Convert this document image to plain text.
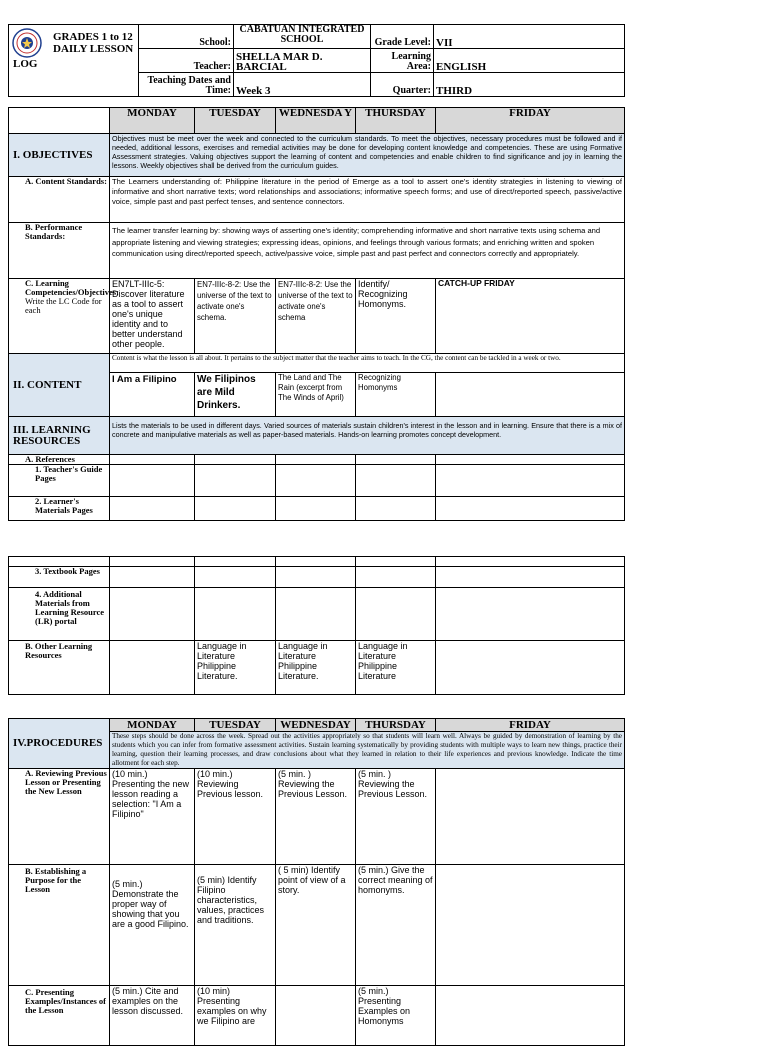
GRADES 1 to 12
DAILY LESSON
LOG	School:	CABATUAN INTEGRATED SCHOOL	Grade Level:	VII
	Teacher:	SHELLA MAR D. BARCIAL	Learning Area:	ENGLISH
	Teaching Dates and Time:	Week 3	Quarter:	THIRD
	MONDAY	TUESDAY	WEDNESDA Y	THURSDAY	FRIDAY
I. OBJECTIVES	Objectives must be meet over the week and connected to the curriculum standards. To meet the objectives, necessary procedures must be followed and if needed, additional lessons, exercises and remedial activities may be done for developing content knowledge and competencies. These are using Formative Assessment strategies. Valuing objectives support the learning of content and competencies and enable children to find significance and joy in learning the lessons. Weekly objectives shall be derived from the curriculum guides.				
A. Content Standards:	The Learners understanding of: Philippine literature in the period of Emerge as a tool to assert one's identity strategies in listening to viewing of informative and short narrative texts; word relationships and associations; informative speech forms; and use of direct/reported speech, passive/active voice, simple past and past perfect tenses, and sentence connectors.				
B. Performance Standards:	The learner transfer learning by: showing ways of asserting one's identity; comprehending informative and short narrative texts using schema and appropriate listening and viewing strategies; expressing ideas, opinions, and feelings through various formats; and enriching written and spoken communication using direct/reported speech, active/passive voice, simple past and past perfect and connectors correctly and appropriately.				

C. Learning Competencies/Objectives:
Write the LC Code for each	EN7LT-IIIc-5: Discover literature as a tool to assert one's unique identity and to better understand other people.	EN7-IIIc-8-2: Use the universe of the text to activate one's schema.	EN7-IIIc-8-2: Use the universe of the text to activate one's schema	Identify/ Recognizing Homonyms.	CATCH-UP FRIDAY
II. CONTENT	Content is what the lesson is all about. It pertains to the subject matter that the teacher aims to teach. In the CG, the content can be tackled in a week or two.				
	I Am a Filipino	We Filipinos are Mild Drinkers.	The Land and The Rain (excerpt from The Winds of April)	Recognizing Homonyms	
III. LEARNING RESOURCES	Lists the materials to be used in different days. Varied sources of materials sustain children's interest in the lesson and in learning. Ensure that there is a mix of concrete and manipulative materials as well as paper-based materials. Hands-on learning promotes concept development.				
A. References					
1. Teacher's Guide Pages					
2. Learner's Materials Pages					

3. Textbook Pages					
4. Additional Materials from Learning Resource (LR) portal					
B. Other Learning Resources		Language in Literature Philippine Literature.	Language in Literature Philippine Literature.	Language in Literature Philippine Literature	
IV.PROCEDURES	MONDAY	TUESDAY	WEDNESDAY	THURSDAY	FRIDAY
	These steps should be done across the week. Spread out the activities appropriately so that students will learn well. Always be guided by demonstration of learning by the students which you can infer from formative assessment activities. Sustain learning systematically by providing students with multiple ways to learn new things, practice their learning, question their learning processes, and draw conclusions about what they learned in relation to their life experiences and previous knowledge. Indicate the time allotment for each step.				
A. Reviewing Previous Lesson or Presenting the New Lesson	(10 min.) Presenting the new lesson reading a selection: "I Am a Filipino"	(10 min.) Reviewing Previous lesson.	(5 min. ) Reviewing the Previous Lesson.	(5 min. ) Reviewing the Previous Lesson.	
B. Establishing a Purpose for the Lesson	(5 min.) Demonstrate the proper way of showing that you are a good Filipino.	(5 min) Identify Filipino characteristics, values, practices and traditions.	( 5 min) Identify point of view of a story.	(5 min.) Give the correct meaning of homonyms.	
C. Presenting Examples/Instances of the Lesson	(5 min.) Cite and examples on the lesson discussed.	(10 min) Presenting examples on why we Filipino are		(5 min.) Presenting Examples on Homonyms	
